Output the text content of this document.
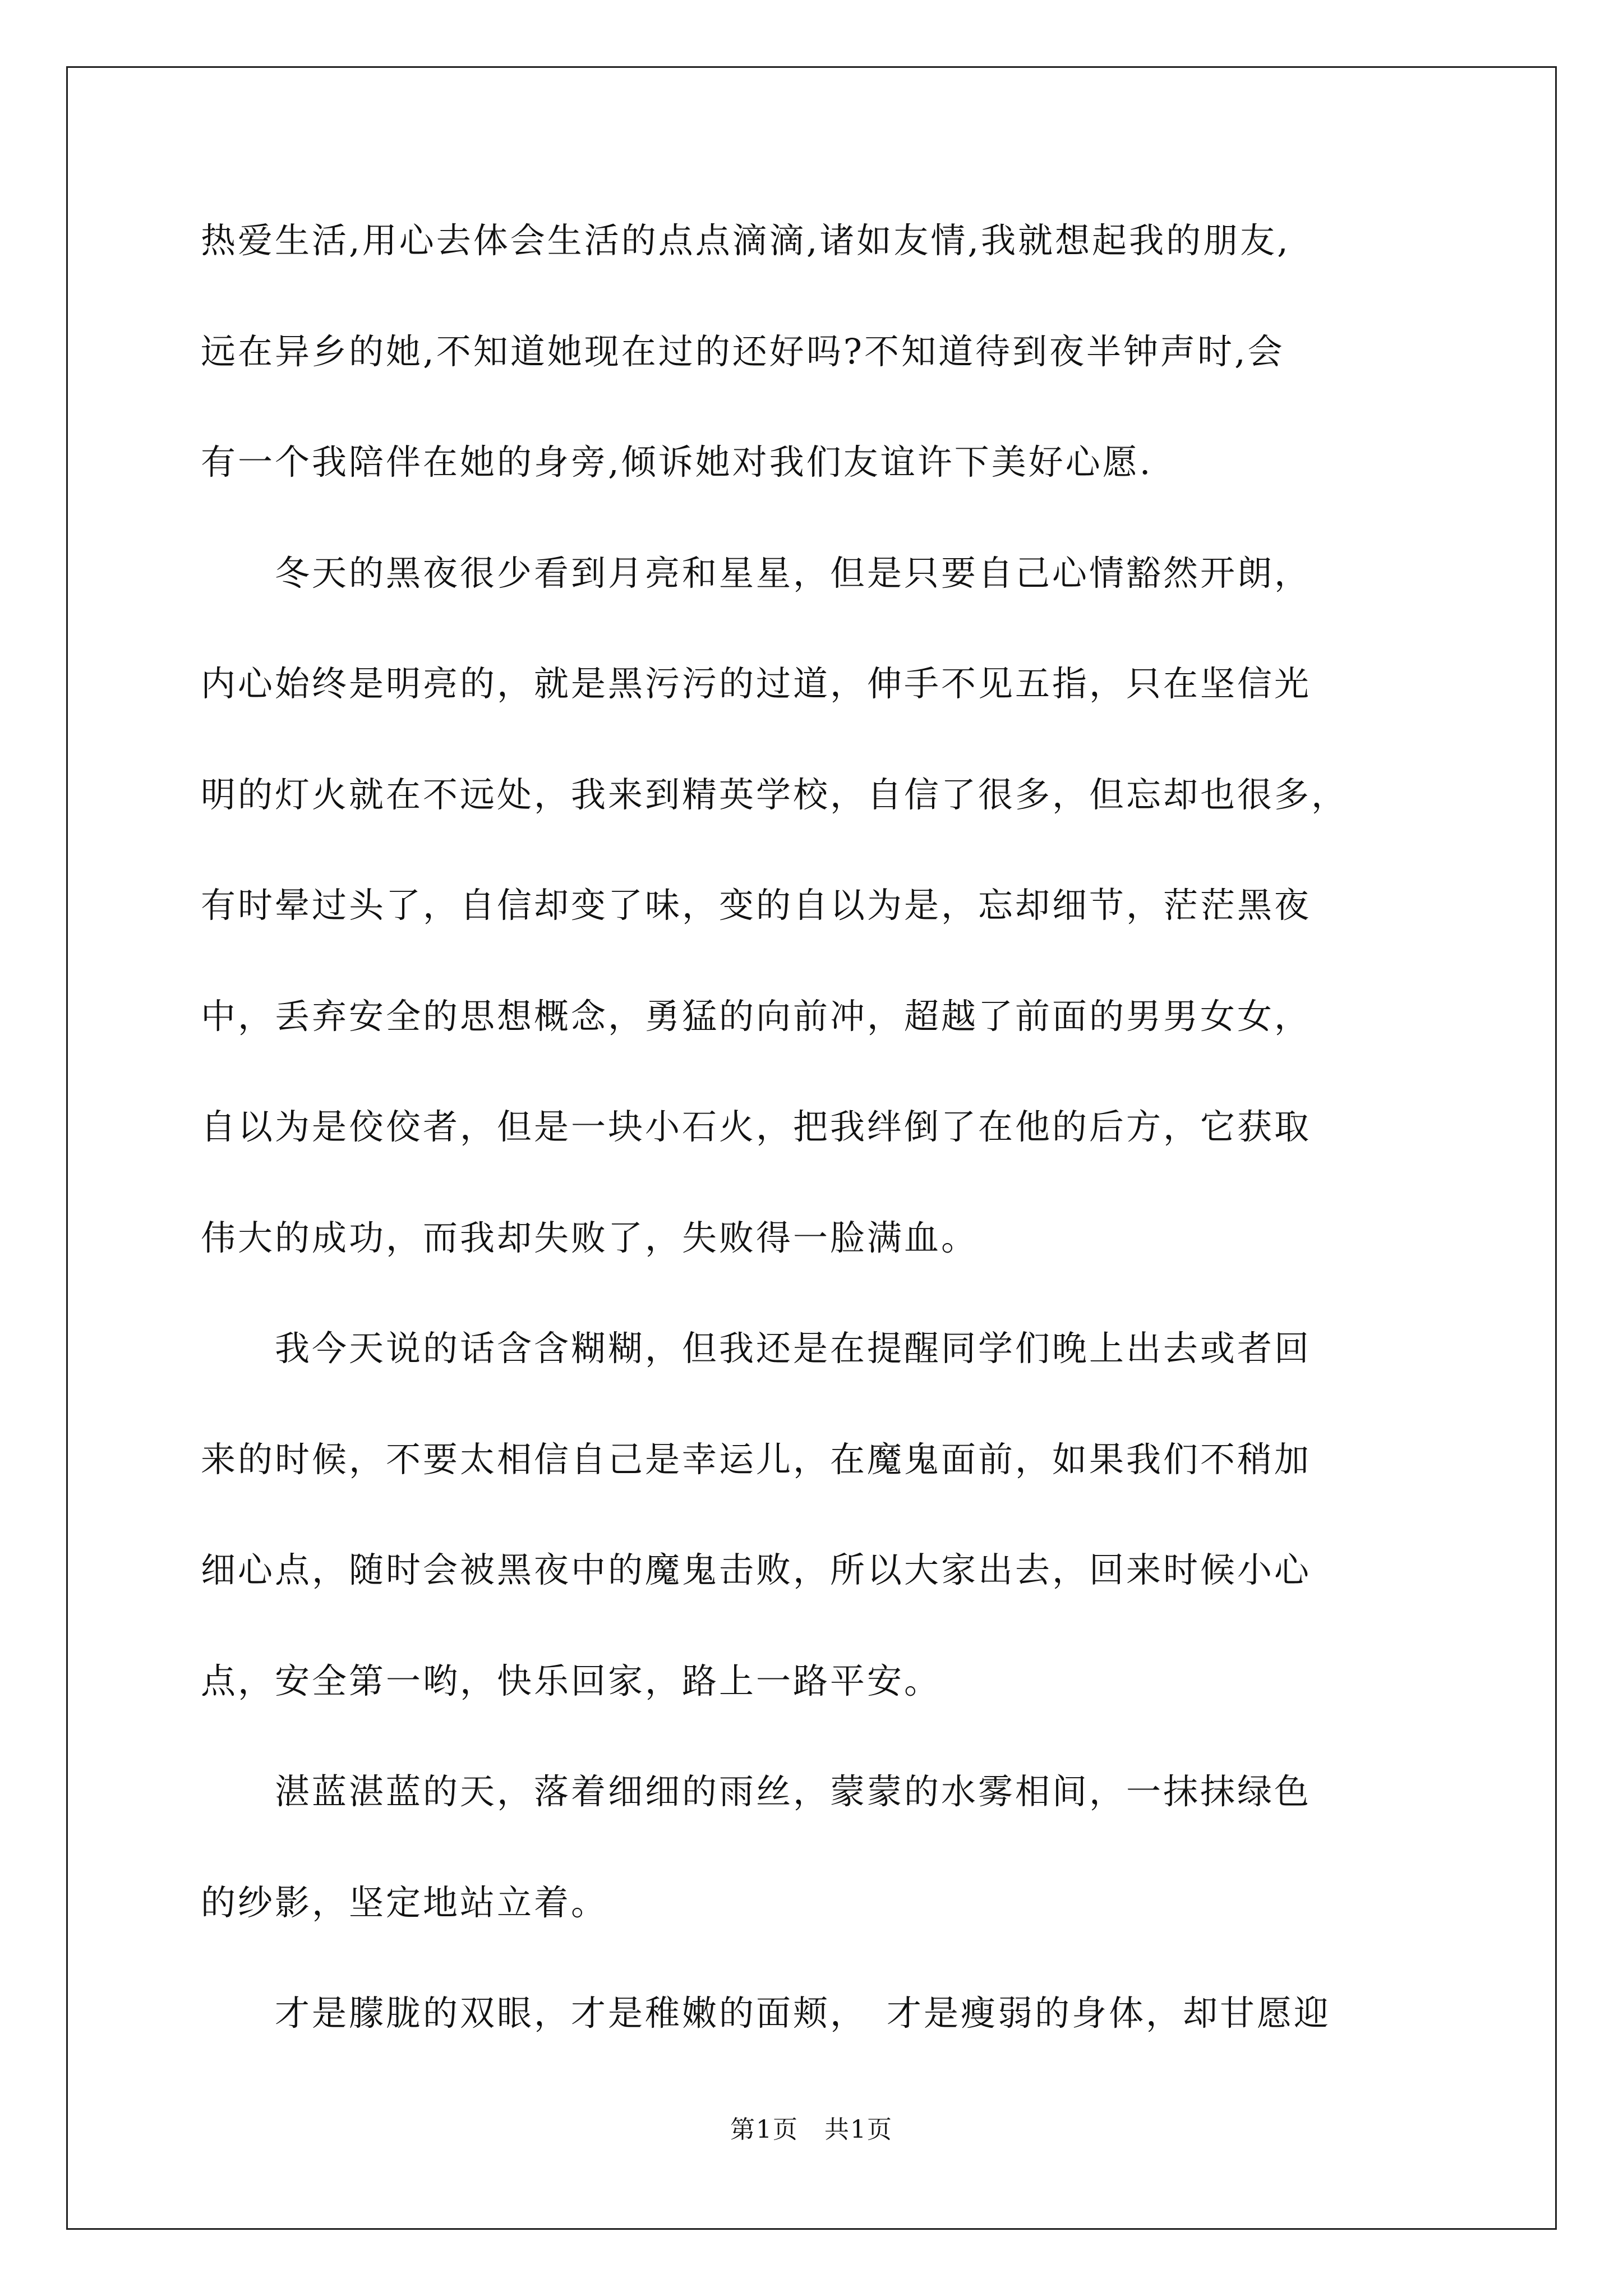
热爱生活,用心去体会生活的点点滴滴,诸如友情,我就想起我的朋友,
远在异乡的她,不知道她现在过的还好吗?不知道待到夜半钟声时,会
有一个我陪伴在她的身旁,倾诉她对我们友谊许下美好心愿.
　　冬天的黑夜很少看到月亮和星星，但是只要自己心情豁然开朗，
内心始终是明亮的，就是黑污污的过道，伸手不见五指，只在坚信光
明的灯火就在不远处，我来到精英学校，自信了很多，但忘却也很多，
有时晕过头了，自信却变了味，变的自以为是，忘却细节，茫茫黑夜
中，丢弃安全的思想概念，勇猛的向前冲，超越了前面的男男女女，
自以为是佼佼者，但是一块小石火，把我绊倒了在他的后方，它获取
伟大的成功，而我却失败了，失败得一脸满血。
　　我今天说的话含含糊糊，但我还是在提醒同学们晚上出去或者回
来的时候，不要太相信自己是幸运儿，在魔鬼面前，如果我们不稍加
细心点，随时会被黑夜中的魔鬼击败，所以大家出去，回来时候小心
点，安全第一哟，快乐回家，路上一路平安。
　　湛蓝湛蓝的天，落着细细的雨丝，蒙蒙的水雾相间，一抹抹绿色
的纱影，坚定地站立着。
　　才是朦胧的双眼，才是稚嫩的面颊，　才是瘦弱的身体，却甘愿迎
第1页　共1页
